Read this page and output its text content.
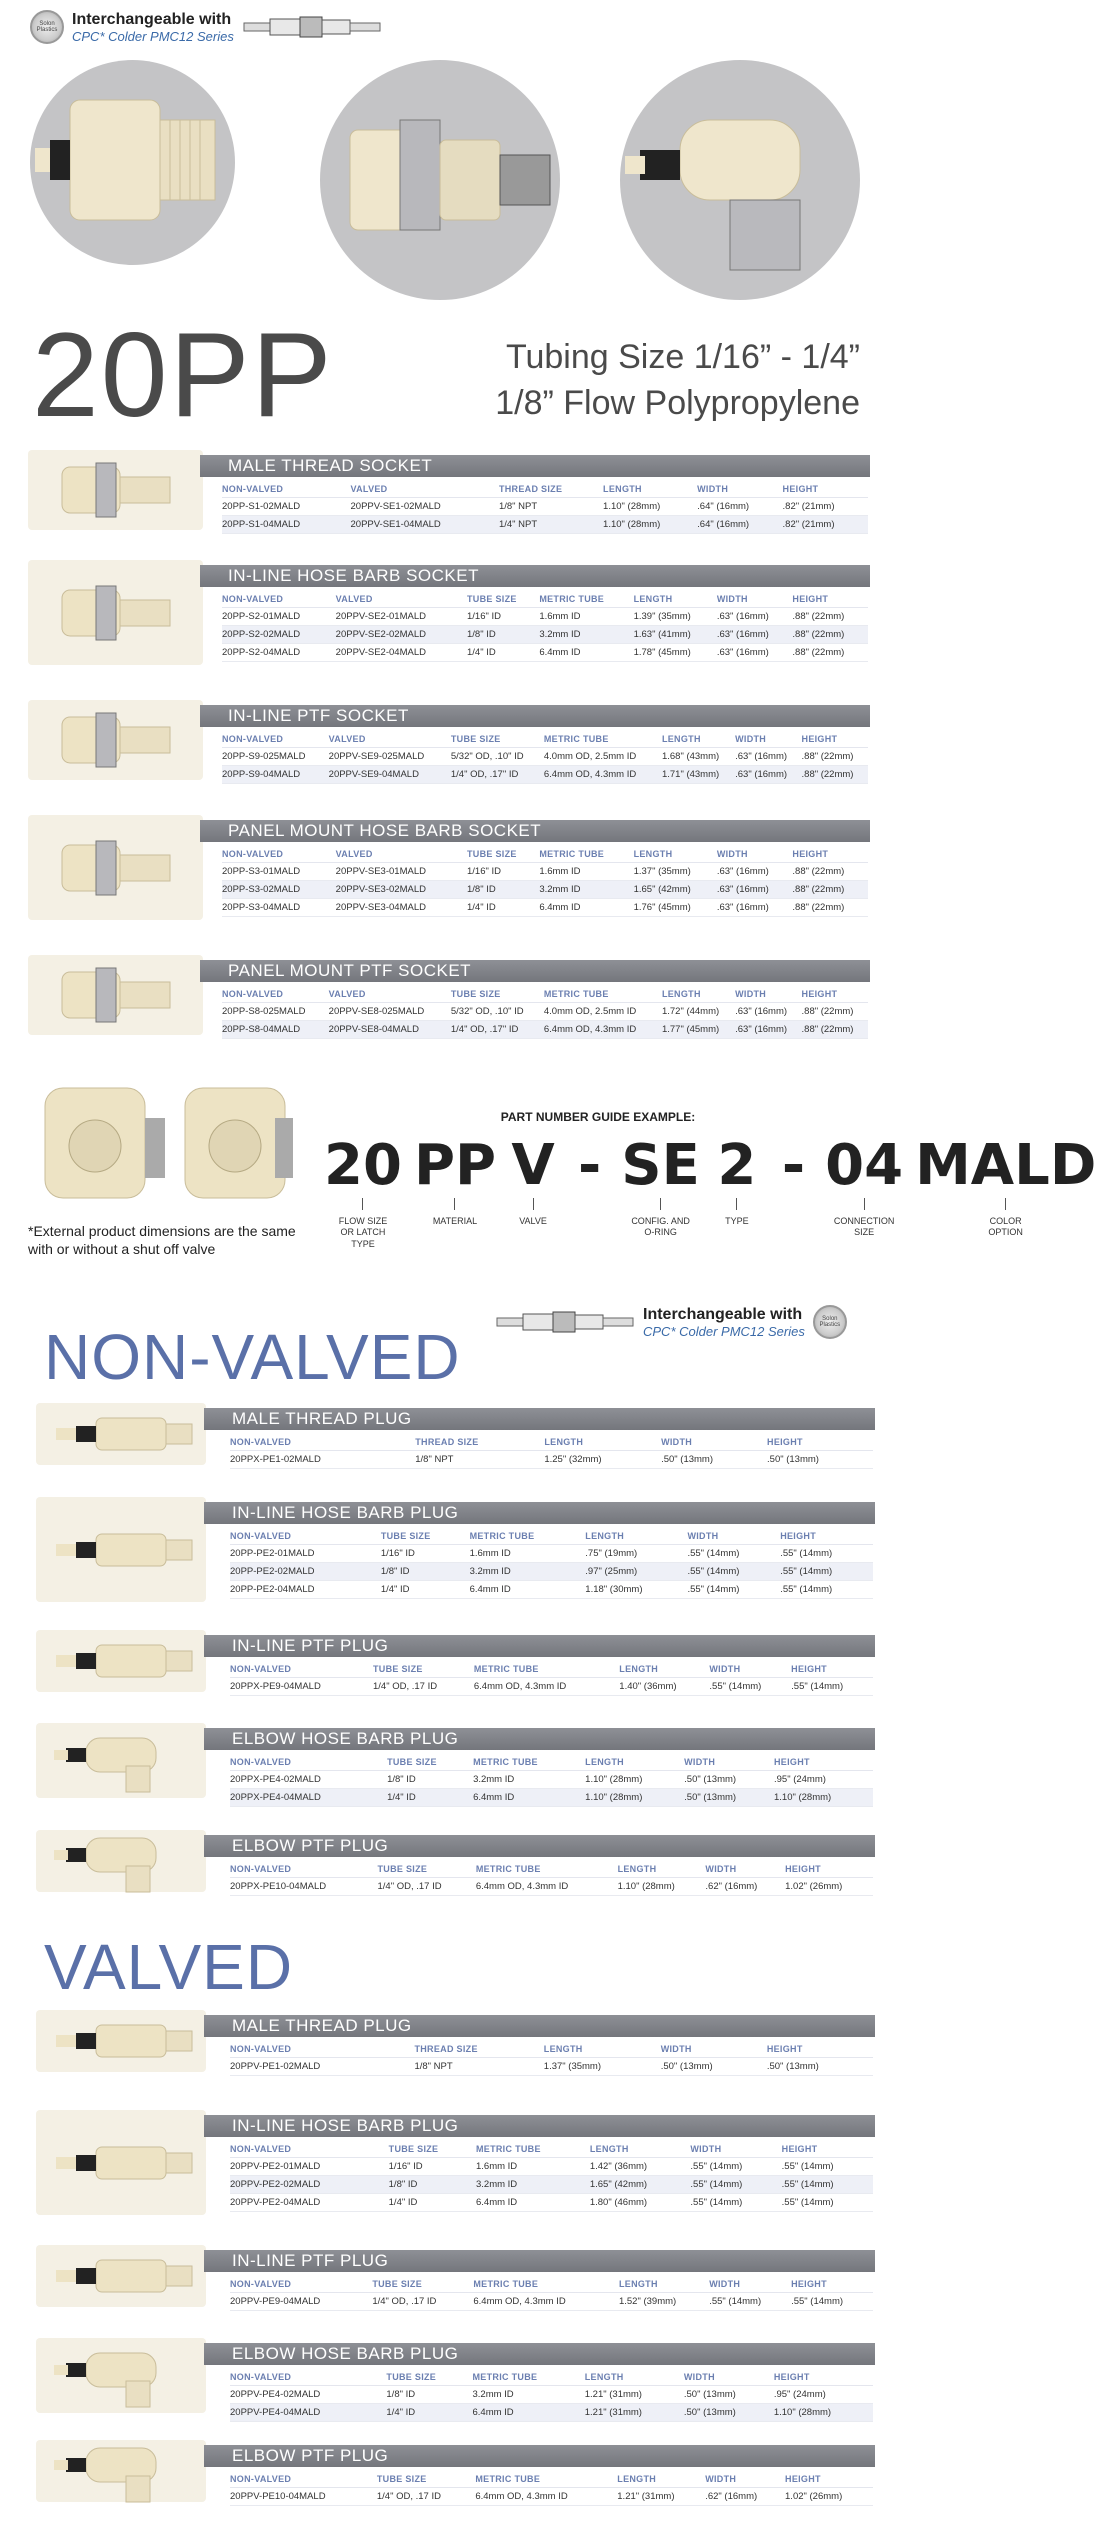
Solon Plastics
Interchangeable with
CPC* Colder PMC12 Series
20PP	Tubing Size 1/16” - 1/4”
1/8” Flow Polypropylene
MALE THREAD SOCKET
NON-VALVED	VALVED	THREAD SIZE	LENGTH	WIDTH	HEIGHT
20PP-S1-02MALD	20PPV-SE1-02MALD	1/8" NPT	1.10" (28mm)	.64" (16mm)	.82" (21mm)
20PP-S1-04MALD	20PPV-SE1-04MALD	1/4" NPT	1.10" (28mm)	.64" (16mm)	.82" (21mm)
IN-LINE HOSE BARB SOCKET
NON-VALVED	VALVED	TUBE SIZE	METRIC TUBE	LENGTH	WIDTH	HEIGHT
20PP-S2-01MALD	20PPV-SE2-01MALD	1/16" ID	1.6mm ID	1.39" (35mm)	.63" (16mm)	.88" (22mm)
20PP-S2-02MALD	20PPV-SE2-02MALD	1/8" ID	3.2mm ID	1.63" (41mm)	.63" (16mm)	.88" (22mm)
20PP-S2-04MALD	20PPV-SE2-04MALD	1/4" ID	6.4mm ID	1.78" (45mm)	.63" (16mm)	.88" (22mm)
IN-LINE PTF SOCKET
NON-VALVED	VALVED	TUBE SIZE	METRIC TUBE	LENGTH	WIDTH	HEIGHT
20PP-S9-025MALD	20PPV-SE9-025MALD	5/32" OD, .10" ID	4.0mm OD, 2.5mm ID	1.68" (43mm)	.63" (16mm)	.88" (22mm)
20PP-S9-04MALD	20PPV-SE9-04MALD	1/4" OD, .17" ID	6.4mm OD, 4.3mm ID	1.71" (43mm)	.63" (16mm)	.88" (22mm)
PANEL MOUNT HOSE BARB SOCKET
NON-VALVED	VALVED	TUBE SIZE	METRIC TUBE	LENGTH	WIDTH	HEIGHT
20PP-S3-01MALD	20PPV-SE3-01MALD	1/16" ID	1.6mm ID	1.37" (35mm)	.63" (16mm)	.88" (22mm)
20PP-S3-02MALD	20PPV-SE3-02MALD	1/8" ID	3.2mm ID	1.65" (42mm)	.63" (16mm)	.88" (22mm)
20PP-S3-04MALD	20PPV-SE3-04MALD	1/4" ID	6.4mm ID	1.76" (45mm)	.63" (16mm)	.88" (22mm)
PANEL MOUNT PTF SOCKET
NON-VALVED	VALVED	TUBE SIZE	METRIC TUBE	LENGTH	WIDTH	HEIGHT
20PP-S8-025MALD	20PPV-SE8-025MALD	5/32" OD, .10" ID	4.0mm OD, 2.5mm ID	1.72" (44mm)	.63" (16mm)	.88" (22mm)
20PP-S8-04MALD	20PPV-SE8-04MALD	1/4" OD, .17" ID	6.4mm OD, 4.3mm ID	1.77" (45mm)	.63" (16mm)	.88" (22mm)
*External product dimensions are the same with or without a shut off valve
PART NUMBER GUIDE EXAMPLE:
20
FLOW SIZE OR LATCH TYPE
PP
MATERIAL
V
VALVE
- SE
CONFIG. AND O-RING
2
TYPE
- 04
CONNECTION SIZE
MALD
COLOR OPTION
Interchangeable with
CPC* Colder PMC12 Series
Solon Plastics
NON-VALVED
MALE THREAD PLUG
NON-VALVED	THREAD SIZE	LENGTH	WIDTH	HEIGHT
20PPX-PE1-02MALD	1/8" NPT	1.25" (32mm)	.50" (13mm)	.50" (13mm)
IN-LINE HOSE BARB PLUG
NON-VALVED	TUBE SIZE	METRIC TUBE	LENGTH	WIDTH	HEIGHT
20PP-PE2-01MALD	1/16" ID	1.6mm ID	.75" (19mm)	.55" (14mm)	.55" (14mm)
20PP-PE2-02MALD	1/8" ID	3.2mm ID	.97" (25mm)	.55" (14mm)	.55" (14mm)
20PP-PE2-04MALD	1/4" ID	6.4mm ID	1.18" (30mm)	.55" (14mm)	.55" (14mm)
IN-LINE PTF PLUG
NON-VALVED	TUBE SIZE	METRIC TUBE	LENGTH	WIDTH	HEIGHT
20PPX-PE9-04MALD	1/4" OD, .17 ID	6.4mm OD, 4.3mm ID	1.40" (36mm)	.55" (14mm)	.55" (14mm)
ELBOW HOSE BARB PLUG
NON-VALVED	TUBE SIZE	METRIC TUBE	LENGTH	WIDTH	HEIGHT
20PPX-PE4-02MALD	1/8" ID	3.2mm ID	1.10" (28mm)	.50" (13mm)	.95" (24mm)
20PPX-PE4-04MALD	1/4" ID	6.4mm ID	1.10" (28mm)	.50" (13mm)	1.10" (28mm)
ELBOW PTF PLUG
NON-VALVED	TUBE SIZE	METRIC TUBE	LENGTH	WIDTH	HEIGHT
20PPX-PE10-04MALD	1/4" OD, .17 ID	6.4mm OD, 4.3mm ID	1.10" (28mm)	.62" (16mm)	1.02" (26mm)
VALVED
MALE THREAD PLUG
NON-VALVED	THREAD SIZE	LENGTH	WIDTH	HEIGHT
20PPV-PE1-02MALD	1/8" NPT	1.37" (35mm)	.50" (13mm)	.50" (13mm)
IN-LINE HOSE BARB PLUG
NON-VALVED	TUBE SIZE	METRIC TUBE	LENGTH	WIDTH	HEIGHT
20PPV-PE2-01MALD	1/16" ID	1.6mm ID	1.42" (36mm)	.55" (14mm)	.55" (14mm)
20PPV-PE2-02MALD	1/8" ID	3.2mm ID	1.65" (42mm)	.55" (14mm)	.55" (14mm)
20PPV-PE2-04MALD	1/4" ID	6.4mm ID	1.80" (46mm)	.55" (14mm)	.55" (14mm)
IN-LINE PTF PLUG
NON-VALVED	TUBE SIZE	METRIC TUBE	LENGTH	WIDTH	HEIGHT
20PPV-PE9-04MALD	1/4" OD, .17 ID	6.4mm OD, 4.3mm ID	1.52" (39mm)	.55" (14mm)	.55" (14mm)
ELBOW HOSE BARB PLUG
NON-VALVED	TUBE SIZE	METRIC TUBE	LENGTH	WIDTH	HEIGHT
20PPV-PE4-02MALD	1/8" ID	3.2mm ID	1.21" (31mm)	.50" (13mm)	.95" (24mm)
20PPV-PE4-04MALD	1/4" ID	6.4mm ID	1.21" (31mm)	.50" (13mm)	1.10" (28mm)
ELBOW PTF PLUG
NON-VALVED	TUBE SIZE	METRIC TUBE	LENGTH	WIDTH	HEIGHT
20PPV-PE10-04MALD	1/4" OD, .17 ID	6.4mm OD, 4.3mm ID	1.21" (31mm)	.62" (16mm)	1.02" (26mm)
